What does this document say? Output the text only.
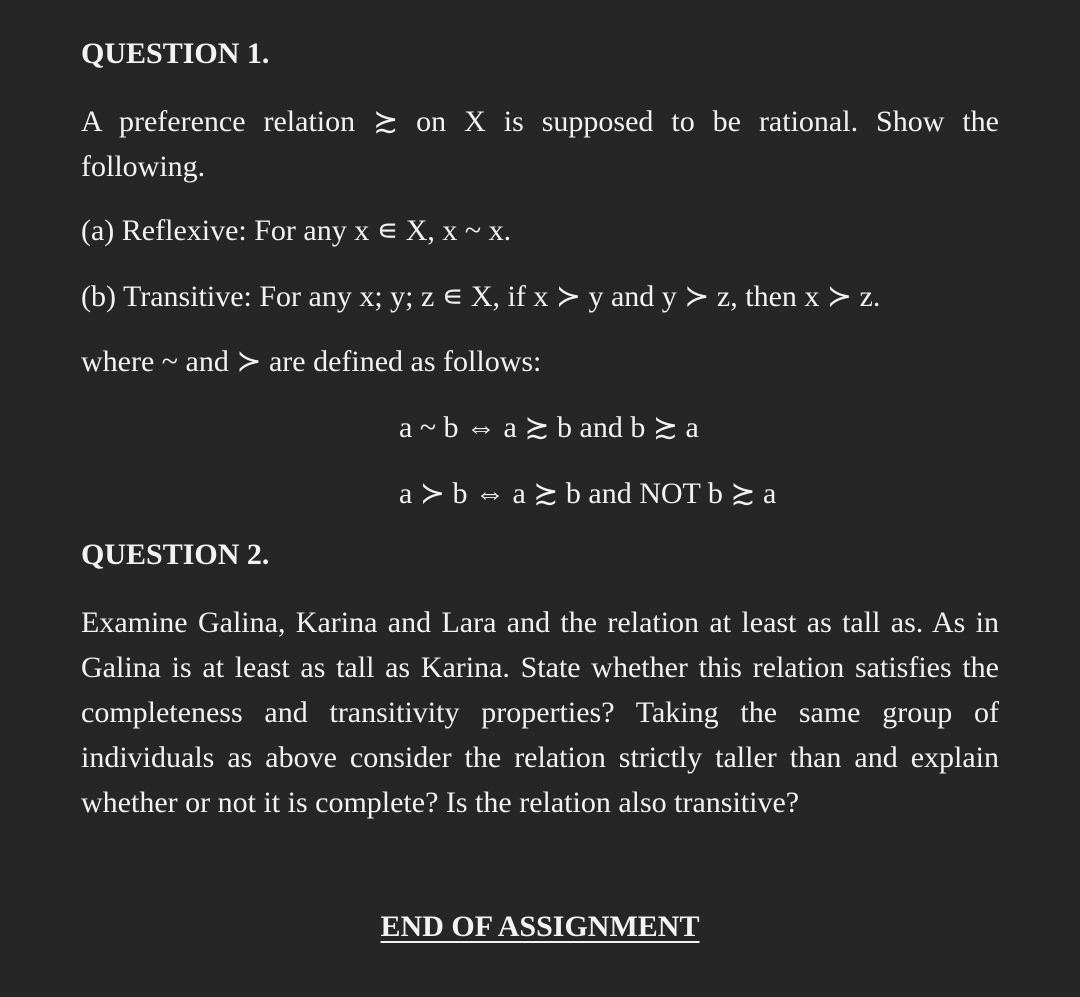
QUESTION 1.

A preference relation ≿ on X is supposed to be rational. Show the following.

(a) Reflexive: For any x ∊ X, x ~ x.

(b) Transitive: For any x; y; z ∊ X, if x ≻ y and y ≻ z, then x ≻ z.

where ~ and ≻ are defined as follows:

a ~ b ⇔ a ≿ b and b ≿ a

a ≻ b ⇔ a ≿ b and NOT b ≿ a

QUESTION 2.

Examine Galina, Karina and Lara and the relation at least as tall as. As in Galina is at least as tall as Karina. State whether this relation satisfies the completeness and transitivity properties? Taking the same group of individuals as above consider the relation strictly taller than and explain whether or not it is complete? Is the relation also transitive?

END OF ASSIGNMENT
